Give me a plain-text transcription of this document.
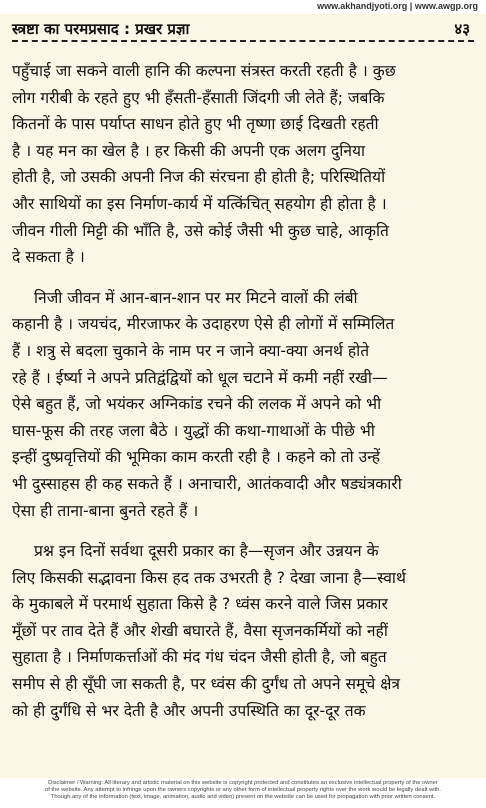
www.akhandjyoti.org | www.awgp.org
स्त्रष्टा का परमप्रसाद : प्रखर प्रज्ञा	४३

पहुँचाई जा सकने वाली हानि की कल्पना संत्रस्त करती रहती है । कुछ
लोग गरीबी के रहते हुए भी हँसती-हँसाती जिंदगी जी लेते हैं; जबकि
कितनों के पास पर्याप्त साधन होते हुए भी तृष्णा छाई दिखती रहती
है । यह मन का खेल है । हर किसी की अपनी एक अलग दुनिया
होती है, जो उसकी अपनी निज की संरचना ही होती है; परिस्थितियों
और साथियों का इस निर्माण-कार्य में यत्किंचित् सहयोग ही होता है ।
जीवन गीली मिट्टी की भाँति है, उसे कोई जैसी भी कुछ चाहे, आकृति
दे सकता है ।

निजी जीवन में आन-बान-शान पर मर मिटने वालों की लंबी
कहानी है । जयचंद, मीरजाफर के उदाहरण ऐसे ही लोगों में सम्मिलित
हैं । शत्रु से बदला चुकाने के नाम पर न जाने क्या-क्या अनर्थ होते
रहे हैं । ईर्ष्या ने अपने प्रतिद्वंद्वियों को धूल चटाने में कमी नहीं रखी—
ऐसे बहुत हैं, जो भयंकर अग्निकांड रचने की ललक में अपने को भी
घास-फूस की तरह जला बैठे । युद्धों की कथा-गाथाओं के पीछे भी
इन्हीं दुष्प्रवृत्तियों की भूमिका काम करती रही है । कहने को तो उन्हें
भी दुस्साहस ही कह सकते हैं । अनाचारी, आतंकवादी और षड्यंत्रकारी
ऐसा ही ताना-बाना बुनते रहते हैं ।

प्रश्न इन दिनों सर्वथा दूसरी प्रकार का है—सृजन और उन्नयन के
लिए किसकी सद्भावना किस हद तक उभरती है ? देखा जाना है—स्वार्थ
के मुकाबले में परमार्थ सुहाता किसे है ? ध्वंस करने वाले जिस प्रकार
मूँछों पर ताव देते हैं और शेखी बघारते हैं, वैसा सृजनकर्मियों को नहीं
सुहाता है । निर्माणकर्त्ताओं की मंद गंध चंदन जैसी होती है, जो बहुत
समीप से ही सूँघी जा सकती है, पर ध्वंस की दुर्गंध तो अपने समूचे क्षेत्र
को ही दुर्गंधि से भर देती है और अपनी उपस्थिति का दूर-दूर तक

Disclaimer / Warning: All literary and artistic material on this website is copyright protected and constitutes an exclusive intellectual property of the owner
of the website. Any attempt to infringe upon the owners copyrights or any other form of intellectual property rights over the work would be legally dealt with.
Though any of the information (text, image, animation, audio and video) present on the website can be used for propagation with prior written consent.
